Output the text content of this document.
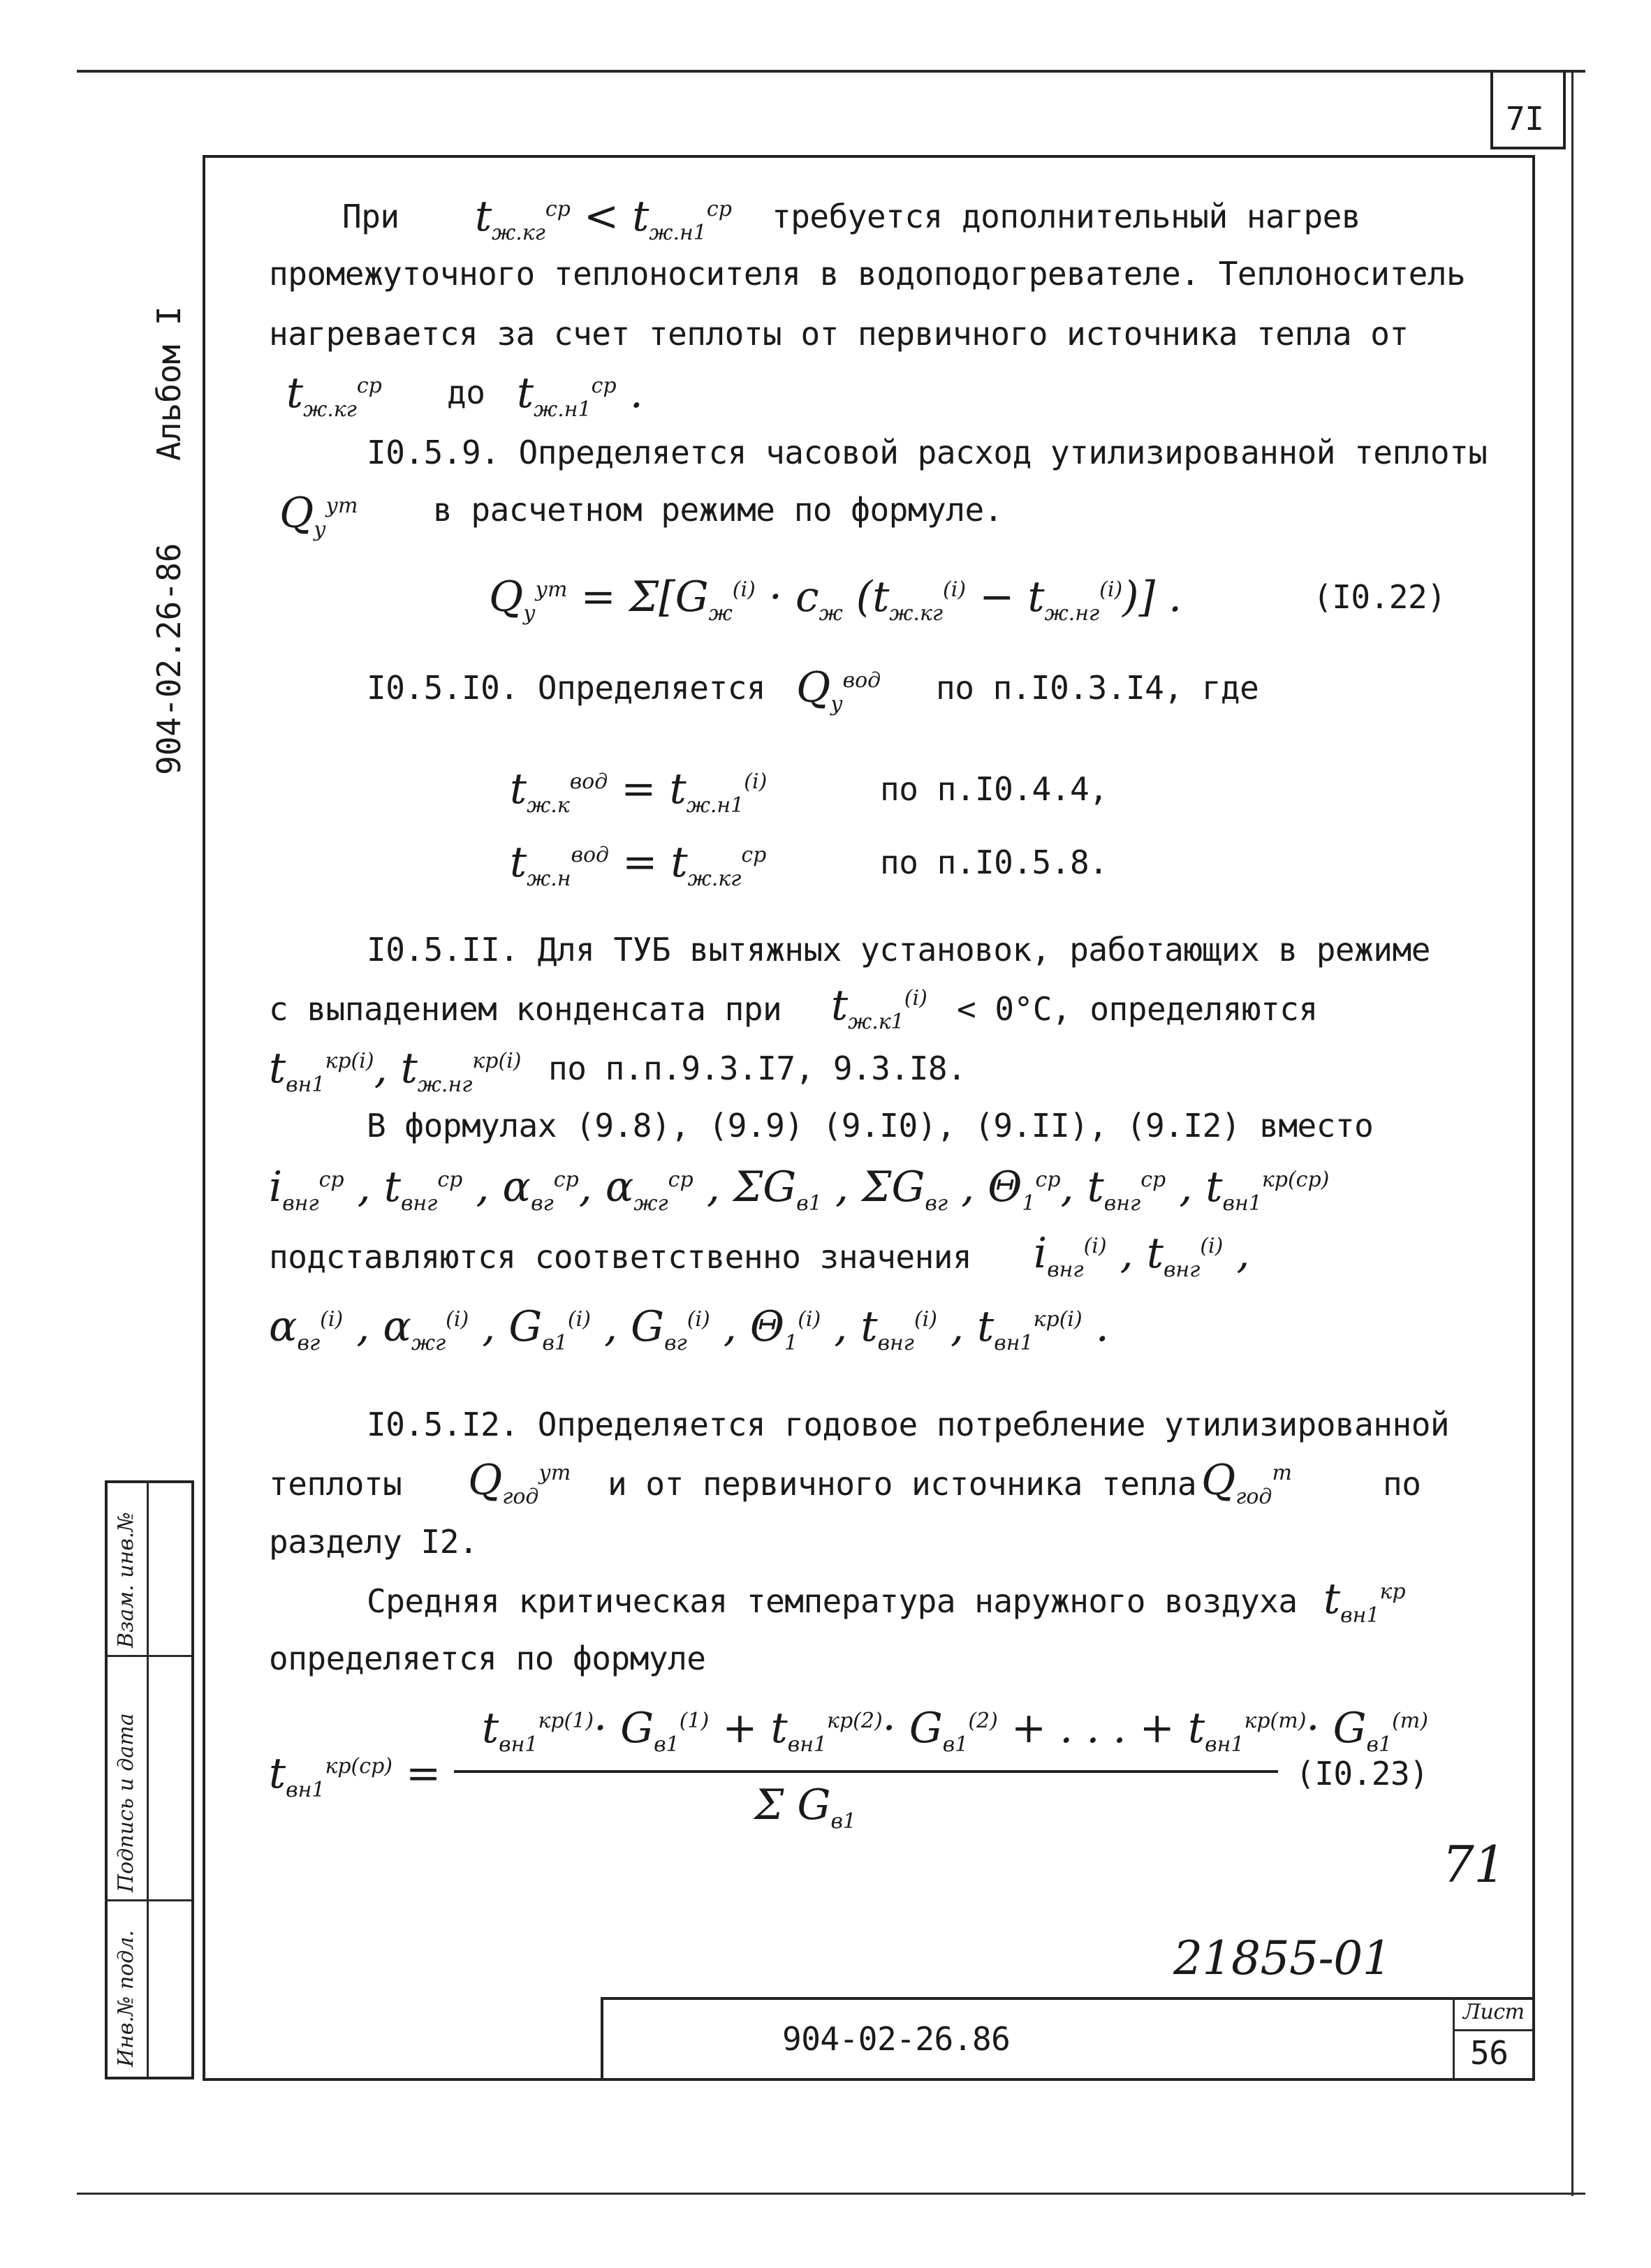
7I
904-02.26-86
Альбом I
Взам. инв.№
Подпись и дата
Инв.№ подл.
При $t_{ж.кг}^{ср} < t_{ж.н1}^{ср}$ требуется дополнительный нагрев
промежуточного теплоносителя в водоподогревателе. Теплоноситель
нагревается за счет теплоты от первичного источника тепла от
$t_{ж.кг}^{ср}$ до $t_{ж.н1}^{ср}$ .
I0.5.9. Определяется часовой расход утилизированной теплоты
$Q_у^{ут}$ в расчетном режиме по формуле.
$Q_у^{ут} = \Sigma[G_ж^{(i)} \cdot c_ж$ $(t_{ж.кг}^{(i)} - t_{ж.нг}^{(i)})$] .	(I0.22)
I0.5.I0. Определяется $Q_у^{вод}$ по п.I0.3.I4, где
$t_{ж.к}^{вод} = t_{ж.н1}^{(i)}$	по п.I0.4.4,
$t_{ж.н}^{вод} = t_{ж.кг}^{ср}$	по п.I0.5.8.
I0.5.II. Для ТУБ вытяжных установок, работающих в режиме
с выпадением конденсата при $t_{ж.к1}^{(i)} < 0^\circ C$, определяются
$t_{вн1}^{кр(i)}$, $t_{ж.нг}^{кр(i)}$ по п.п.9.3.I7, 9.3.I8.
В формулах (9.8), (9.9) (9.I0), (9.II), (9.I2) вместо
$i_{внг}^{ср}$ , $t_{внг}^{ср}$ , $\alpha_{вг}^{ср}$, $\alpha_{жг}^{ср}$ , $\Sigma G_{в1}$ , $\Sigma G_{вг}$ , $\Theta_1^{ср}$, $t_{внг}^{ср}$ , $t_{вн1}^{кр(ср)}$
подставляются соответственно значения $i_{внг}^{(i)}$ , $t_{внг}^{(i)}$ ,
$\alpha_{вг}^{(i)}$ , $\alpha_{жг}^{(i)}$ , $G_{в1}^{(i)}$ , $G_{вг}^{(i)}$ , $\Theta_1^{(i)}$ , $t_{внг}^{(i)}$ , $t_{вн1}^{кр(i)}$ .
I0.5.I2. Определяется годовое потребление утилизированной
теплоты $Q_{год}^{ут}$ и от первичного источника тепла $Q_{год}^т$	по
разделу I2.
Средняя критическая температура наружного воздуха $t_{вн1}^{кр}$
определяется по формуле
$t_{вн1}^{кр(ср)}$ =
$t_{вн1}^{кр(1)}\cdot G_{в1}^{(1)} + t_{вн1}^{кр(2)}\cdot G_{в1}^{(2)}$ + . . . + $t_{вн1}^{кр(m)}\cdot G_{в1}^{(m)}$
Σ $G_{в1}$
(I0.23)
71
21855-01
904-02-26.86
Лист
56
